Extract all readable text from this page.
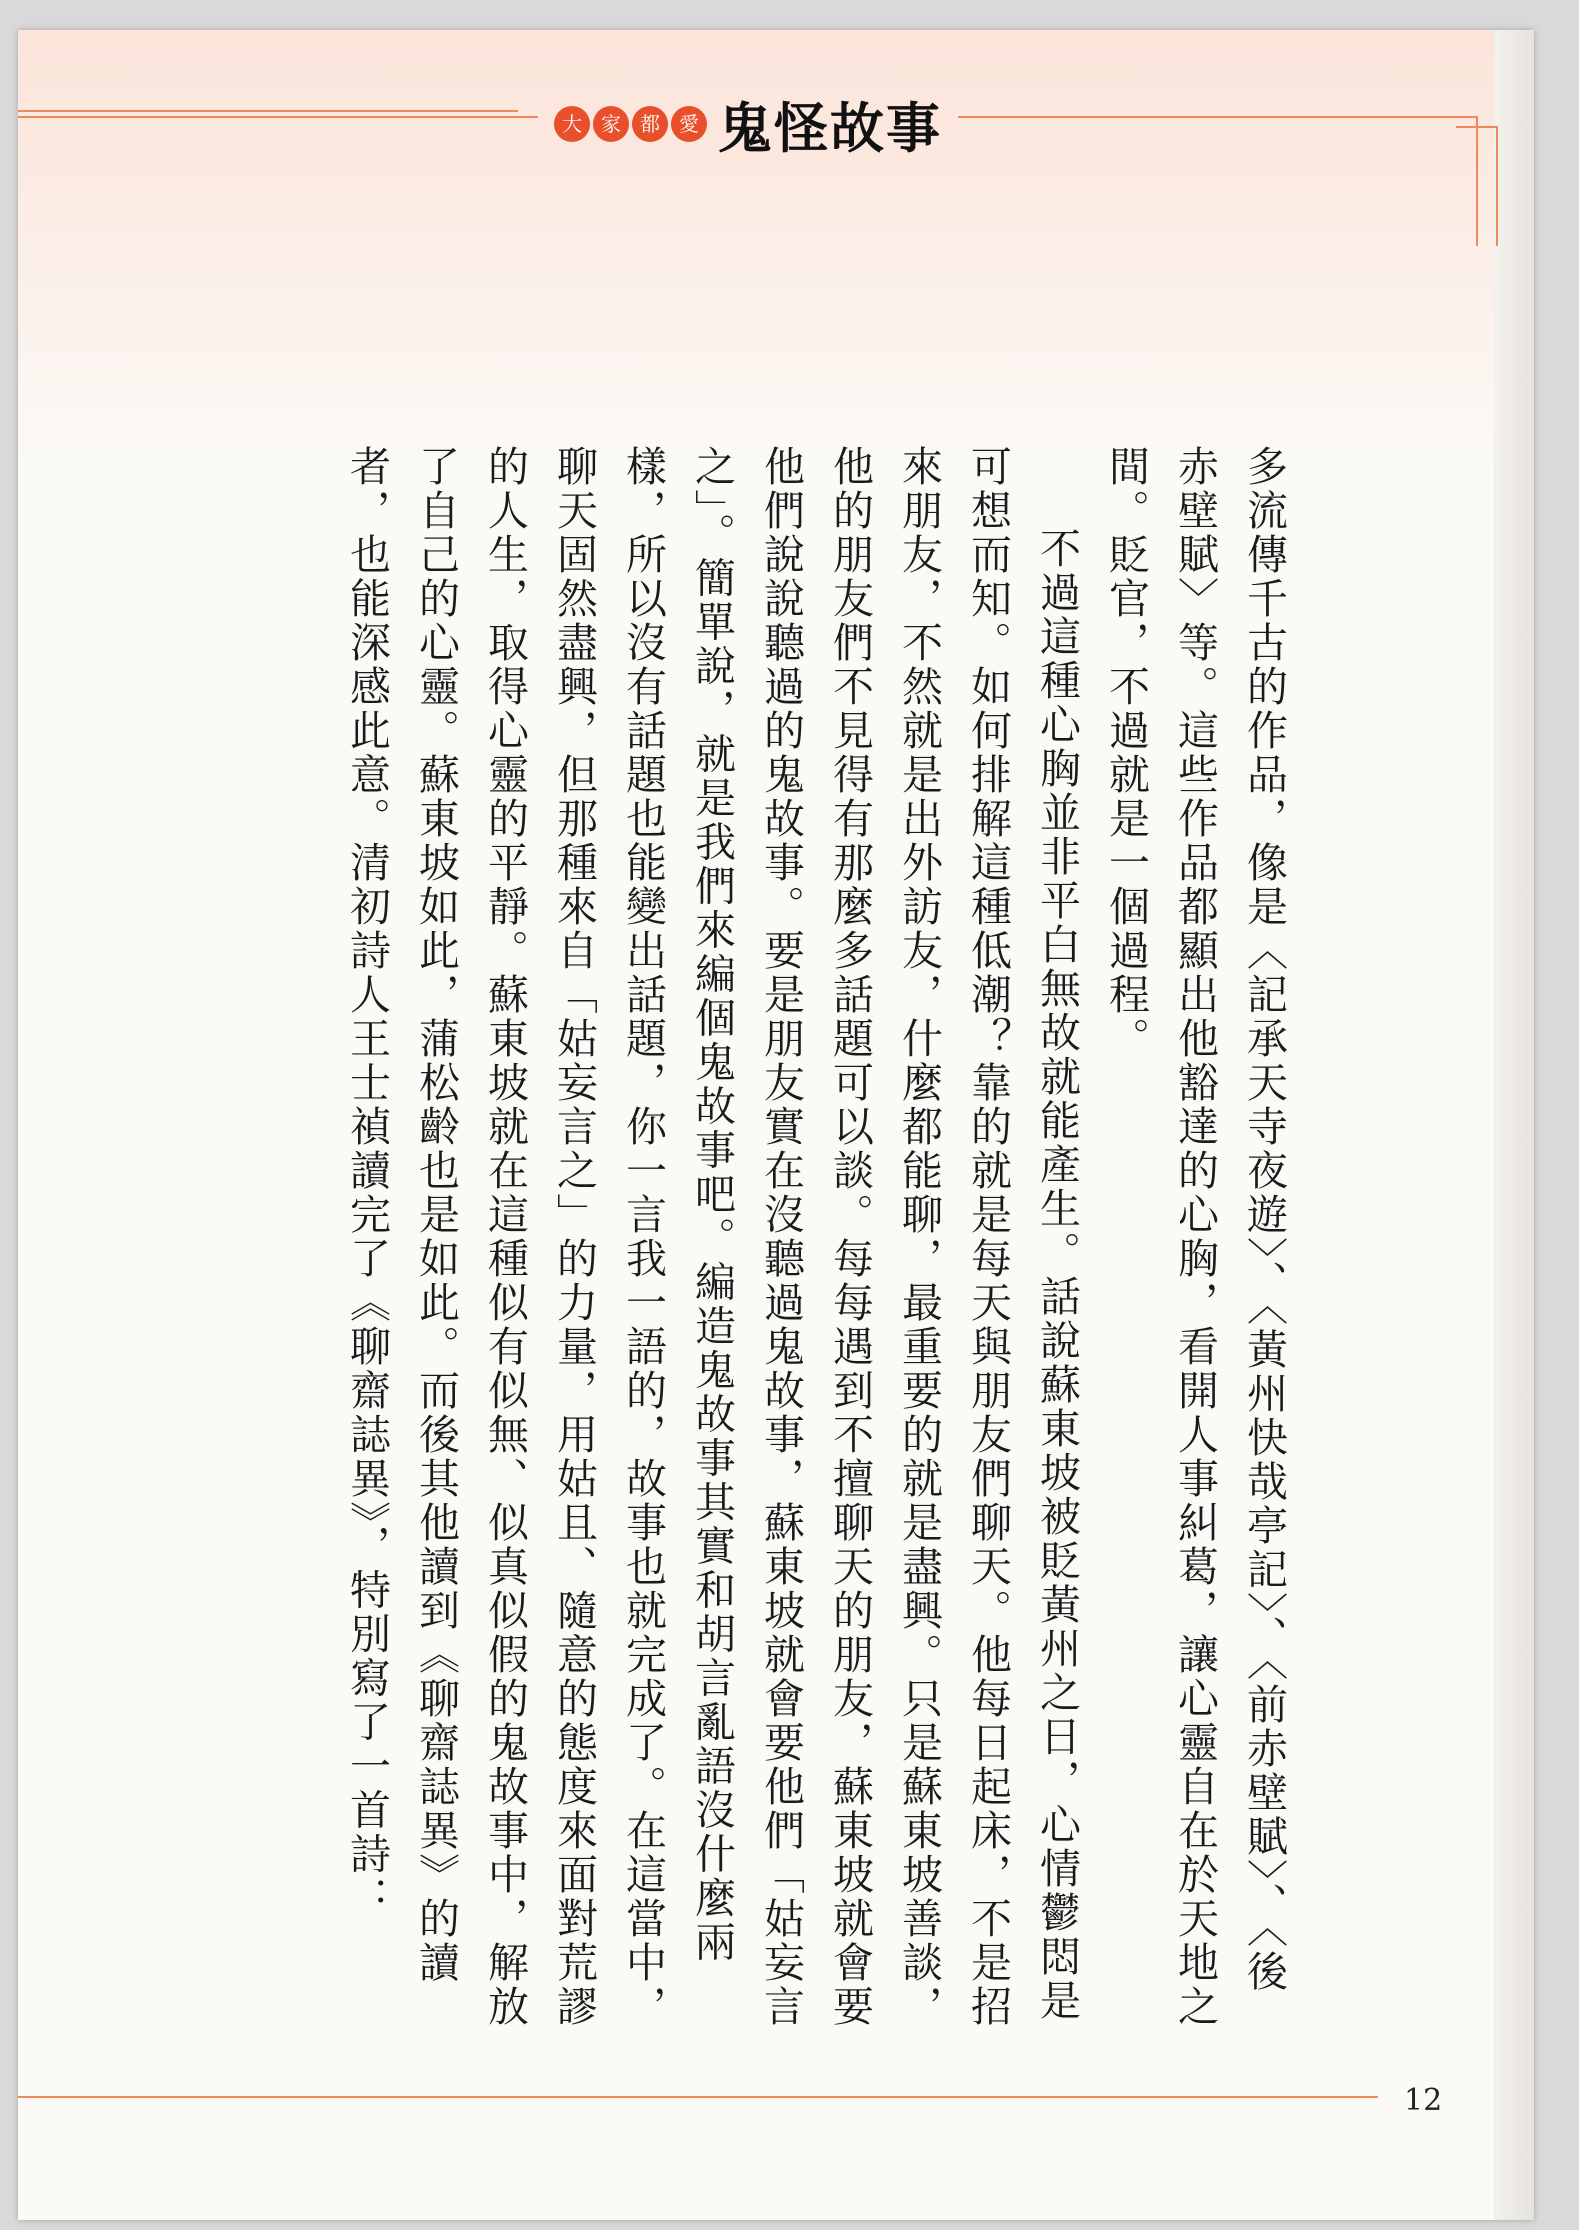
大 家 都 愛 鬼怪故事

多流傳千古的作品，像是〈記承天寺夜遊〉、〈黃州快哉亭記〉、〈前赤壁賦〉、〈後赤壁賦〉等。這些作品都顯出他豁達的心胸，看開人事糾葛，讓心靈自在於天地之間。貶官，不過就是一個過程。

不過這種心胸並非平白無故就能產生。話說蘇東坡被貶黃州之日，心情鬱悶是可想而知。如何排解這種低潮？靠的就是每天與朋友們聊天。他每日起床，不是招來朋友，不然就是出外訪友，什麼都能聊，最重要的就是盡興。只是蘇東坡善談，他的朋友們不見得有那麼多話題可以談。每每遇到不擅聊天的朋友，蘇東坡就會要他們說說聽過的鬼故事。要是朋友實在沒聽過鬼故事，蘇東坡就會要他們「姑妄言之」。簡單說，就是我們來編個鬼故事吧。編造鬼故事其實和胡言亂語沒什麼兩樣，所以沒有話題也能變出話題，你一言我一語的，故事也就完成了。在這當中，聊天固然盡興，但那種來自「姑妄言之」的力量，用姑且、隨意的態度來面對荒謬的人生，取得心靈的平靜。蘇東坡就在這種似有似無、似真似假的鬼故事中，解放了自己的心靈。蘇東坡如此，蒲松齡也是如此。而後其他讀到《聊齋誌異》的讀者，也能深感此意。清初詩人王士禎讀完了《聊齋誌異》，特別寫了一首詩：

12
